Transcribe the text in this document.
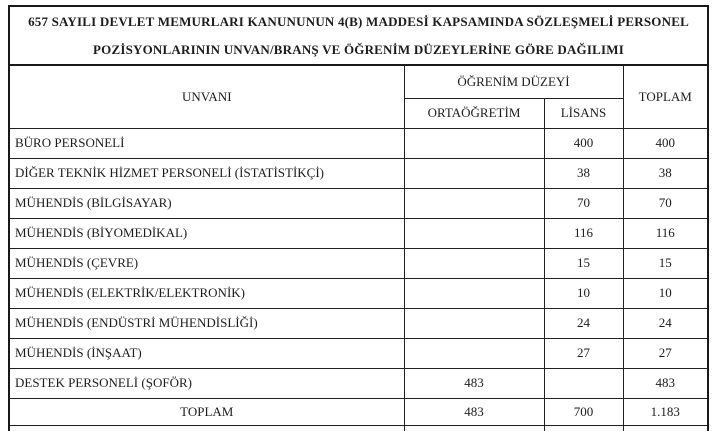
657 SAYILI DEVLET MEMURLARI KANUNUNUN 4(B) MADDESİ KAPSAMINDA SÖZLEŞMELİ PERSONEL
POZİSYONLARININ UNVAN/BRANŞ VE ÖĞRENİM DÜZEYLERİNE GÖRE DAĞILIMI			

UNVANI	ÖĞRENİM DÜZEYİ		TOPLAM
	ORTAÖĞRETİM	LİSANS	
BÜRO PERSONELİ		400	400
DİĞER TEKNİK HİZMET PERSONELİ (İSTATİSTİKÇİ)		38	38
MÜHENDİS (BİLGİSAYAR)		70	70
MÜHENDİS (BİYOMEDİKAL)		116	116
MÜHENDİS (ÇEVRE)		15	15
MÜHENDİS (ELEKTRİK/ELEKTRONİK)		10	10
MÜHENDİS (ENDÜSTRİ MÜHENDİSLİĞİ)		24	24
MÜHENDİS (İNŞAAT)		27	27
DESTEK PERSONELİ (ŞOFÖR)	483		483
TOPLAM	483	700	1.183
